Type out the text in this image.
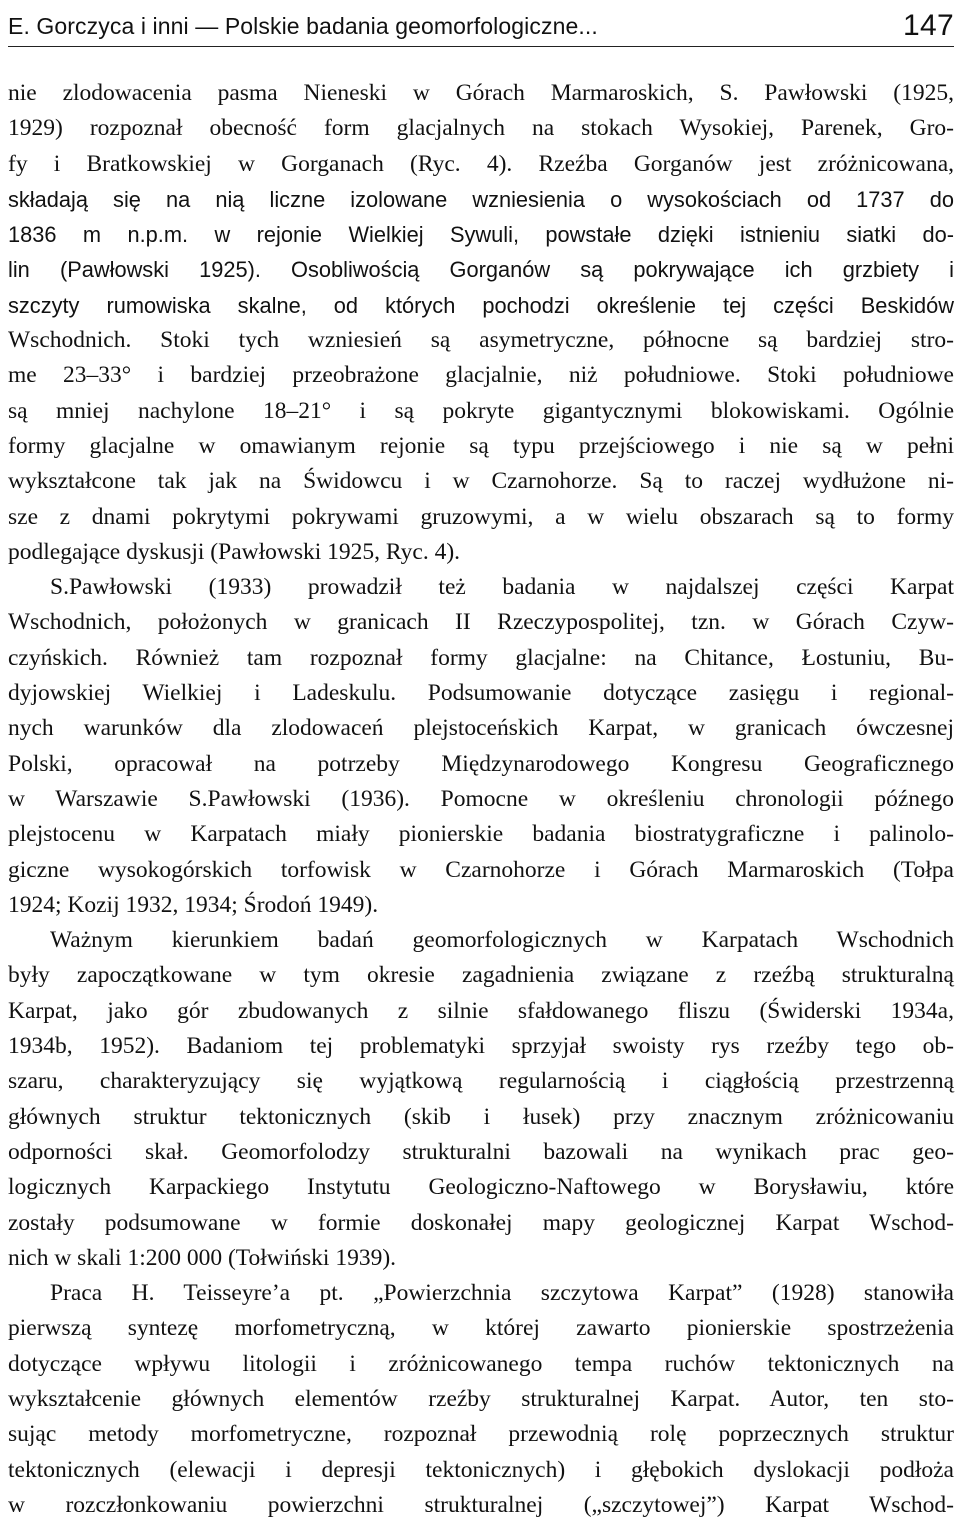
E. Gorczyca i inni — Polskie badania geomorfologiczne...	147

nie zlodowacenia pasma Nieneski w Górach Marmaroskich, S. Pawłowski (1925,

1929) rozpoznał obecność form glacjalnych na stokach Wysokiej, Parenek, Gro-

fy i Bratkowskiej w Gorganach (Ryc. 4). Rzeźba Gorganów jest zróżnicowana,

składają się na nią liczne izolowane wzniesienia o wysokościach od 1737 do

1836 m n.p.m. w rejonie Wielkiej Sywuli, powstałe dzięki istnieniu siatki do-

lin (Pawłowski 1925). Osobliwością Gorganów są pokrywające ich grzbiety i

szczyty rumowiska skalne, od których pochodzi określenie tej części Beskidów

Wschodnich. Stoki tych wzniesień są asymetryczne, północne są bardziej stro-

me 23–33° i bardziej przeobrażone glacjalnie, niż południowe. Stoki południowe

są mniej nachylone 18–21° i są pokryte gigantycznymi blokowiskami. Ogólnie

formy glacjalne w omawianym rejonie są typu przejściowego i nie są w pełni

wykształcone tak jak na Świdowcu i w Czarnohorze. Są to raczej wydłużone ni-

sze z dnami pokrytymi pokrywami gruzowymi, a w wielu obszarach są to formy

podlegające dyskusji (Pawłowski 1925, Ryc. 4).

S.Pawłowski (1933) prowadził też badania w najdalszej części Karpat

Wschodnich, położonych w granicach II Rzeczypospolitej, tzn. w Górach Czyw-

czyńskich. Również tam rozpoznał formy glacjalne: na Chitance, Łostuniu, Bu-

dyjowskiej Wielkiej i Ladeskulu. Podsumowanie dotyczące zasięgu i regional-

nych warunków dla zlodowaceń plejstoceńskich Karpat, w granicach ówczesnej

Polski, opracował na potrzeby Międzynarodowego Kongresu Geograficznego

w Warszawie S.Pawłowski (1936). Pomocne w określeniu chronologii późnego

plejstocenu w Karpatach miały pionierskie badania biostratygraficzne i palinolo-

giczne wysokogórskich torfowisk w Czarnohorze i Górach Marmaroskich (Tołpa

1924; Kozij 1932, 1934; Środoń 1949).

Ważnym kierunkiem badań geomorfologicznych w Karpatach Wschodnich

były zapoczątkowane w tym okresie zagadnienia związane z rzeźbą strukturalną

Karpat, jako gór zbudowanych z silnie sfałdowanego fliszu (Świderski 1934a,

1934b, 1952). Badaniom tej problematyki sprzyjał swoisty rys rzeźby tego ob-

szaru, charakteryzujący się wyjątkową regularnością i ciągłością przestrzenną

głównych struktur tektonicznych (skib i łusek) przy znacznym zróżnicowaniu

odporności skał. Geomorfolodzy strukturalni bazowali na wynikach prac geo-

logicznych Karpackiego Instytutu Geologiczno-Naftowego w Borysławiu, które

zostały podsumowane w formie doskonałej mapy geologicznej Karpat Wschod-

nich w skali 1:200 000 (Tołwiński 1939).

Praca H. Teisseyre’a pt. „Powierzchnia szczytowa Karpat” (1928) stanowiła

pierwszą syntezę morfometryczną, w której zawarto pionierskie spostrzeżenia

dotyczące wpływu litologii i zróżnicowanego tempa ruchów tektonicznych na

wykształcenie głównych elementów rzeźby strukturalnej Karpat. Autor, ten sto-

sując metody morfometryczne, rozpoznał przewodnią rolę poprzecznych struktur

tektonicznych (elewacji i depresji tektonicznych) i głębokich dyslokacji podłoża

w rozczłonkowaniu powierzchni strukturalnej („szczytowej”) Karpat Wschod-
